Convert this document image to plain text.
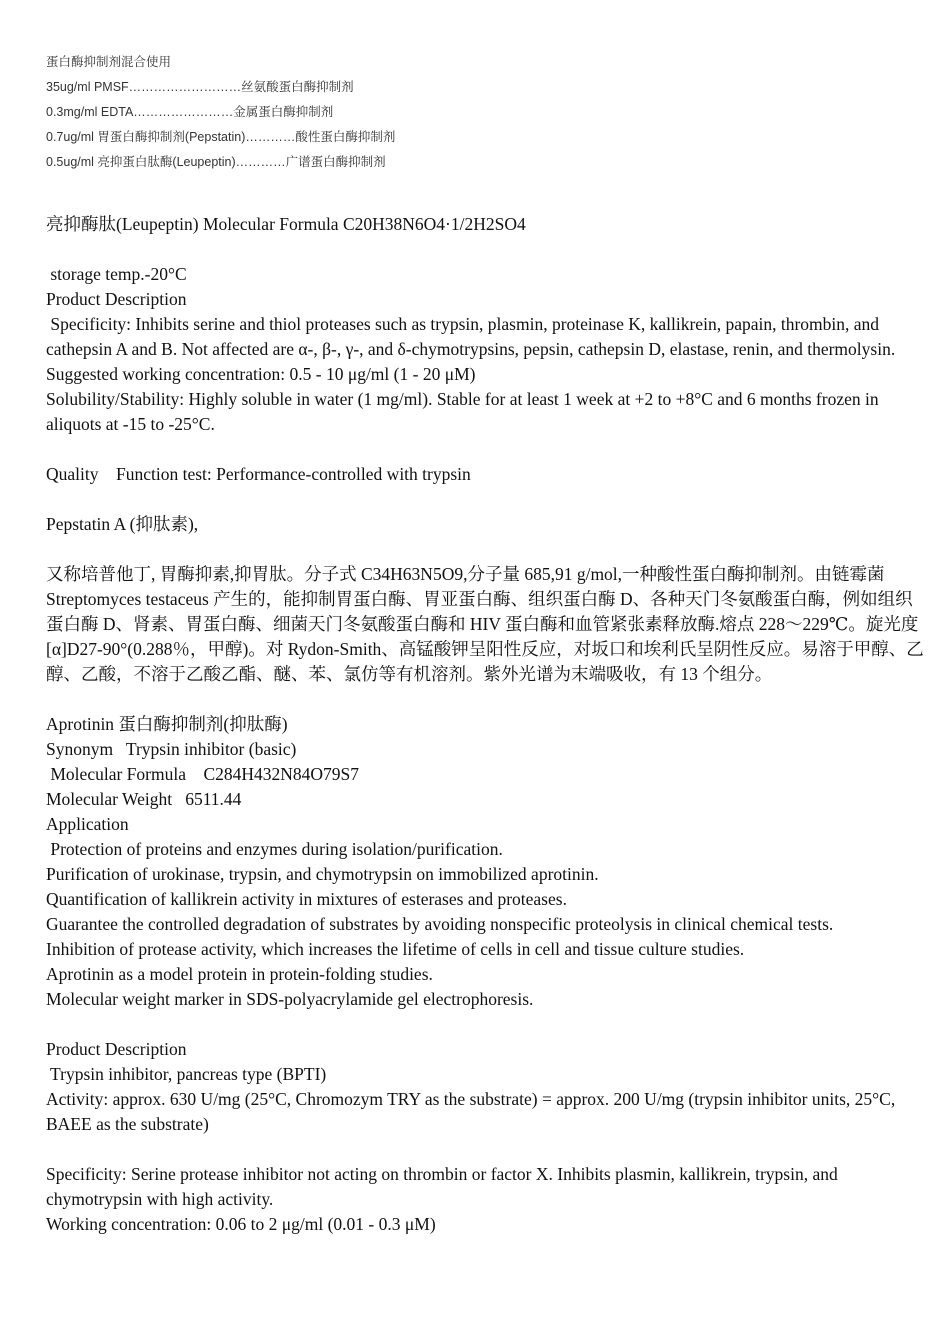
蛋白酶抑制剂混合使用

35ug/ml PMSF………………………丝氨酸蛋白酶抑制剂

0.3mg/ml EDTA……………………金属蛋白酶抑制剂

0.7ug/ml 胃蛋白酶抑制剂(Pepstatin)…………酸性蛋白酶抑制剂

0.5ug/ml 亮抑蛋白肽酶(Leupeptin)…………广谱蛋白酶抑制剂

亮抑酶肽(Leupeptin) Molecular Formula C20H38N6O4·1/2H2SO4

storage temp.-20°C

Product Description

Specificity: Inhibits serine and thiol proteases such as trypsin, plasmin, proteinase K, kallikrein, papain, thrombin, and cathepsin A and B. Not affected are α-, β-, γ-, and δ-chymotrypsins, pepsin, cathepsin D, elastase, renin, and thermolysin.

Suggested working concentration: 0.5 - 10 μg/ml (1 - 20 μM)

Solubility/Stability: Highly soluble in water (1 mg/ml). Stable for at least 1 week at +2 to +8°C and 6 months frozen in aliquots at -15 to -25°C.

Quality    Function test: Performance-controlled with trypsin

Pepstatin A (抑肽素),

又称培普他丁, 胃酶抑素,抑胃肽。分子式 C34H63N5O9,分子量 685,91 g/mol,一种酸性蛋白酶抑制剂。由链霉菌 Streptomyces testaceus 产生的，能抑制胃蛋白酶、胃亚蛋白酶、组织蛋白酶 D、各种天门冬氨酸蛋白酶，例如组织蛋白酶 D、肾素、胃蛋白酶、细菌天门冬氨酸蛋白酶和 HIV 蛋白酶和血管紧张素释放酶.熔点 228～229℃。旋光度[α]D27-90°(0.288％，甲醇)。对 Rydon-Smith、高锰酸钾呈阳性反应，对坂口和埃利氏呈阴性反应。易溶于甲醇、乙醇、乙酸，不溶于乙酸乙酯、醚、苯、氯仿等有机溶剂。紫外光谱为末端吸收，有 13 个组分。

Aprotinin 蛋白酶抑制剂(抑肽酶)

Synonym   Trypsin inhibitor (basic)

Molecular Formula    C284H432N84O79S7

Molecular Weight   6511.44

Application

Protection of proteins and enzymes during isolation/purification.

Purification of urokinase, trypsin, and chymotrypsin on immobilized aprotinin.

Quantification of kallikrein activity in mixtures of esterases and proteases.

Guarantee the controlled degradation of substrates by avoiding nonspecific proteolysis in clinical chemical tests.

Inhibition of protease activity, which increases the lifetime of cells in cell and tissue culture studies.

Aprotinin as a model protein in protein-folding studies.

Molecular weight marker in SDS-polyacrylamide gel electrophoresis.

Product Description

Trypsin inhibitor, pancreas type (BPTI)

Activity: approx. 630 U/mg (25°C, Chromozym TRY as the substrate) = approx. 200 U/mg (trypsin inhibitor units, 25°C, BAEE as the substrate)

Specificity: Serine protease inhibitor not acting on thrombin or factor X. Inhibits plasmin, kallikrein, trypsin, and chymotrypsin with high activity.

Working concentration: 0.06 to 2 μg/ml (0.01 - 0.3 μM)
